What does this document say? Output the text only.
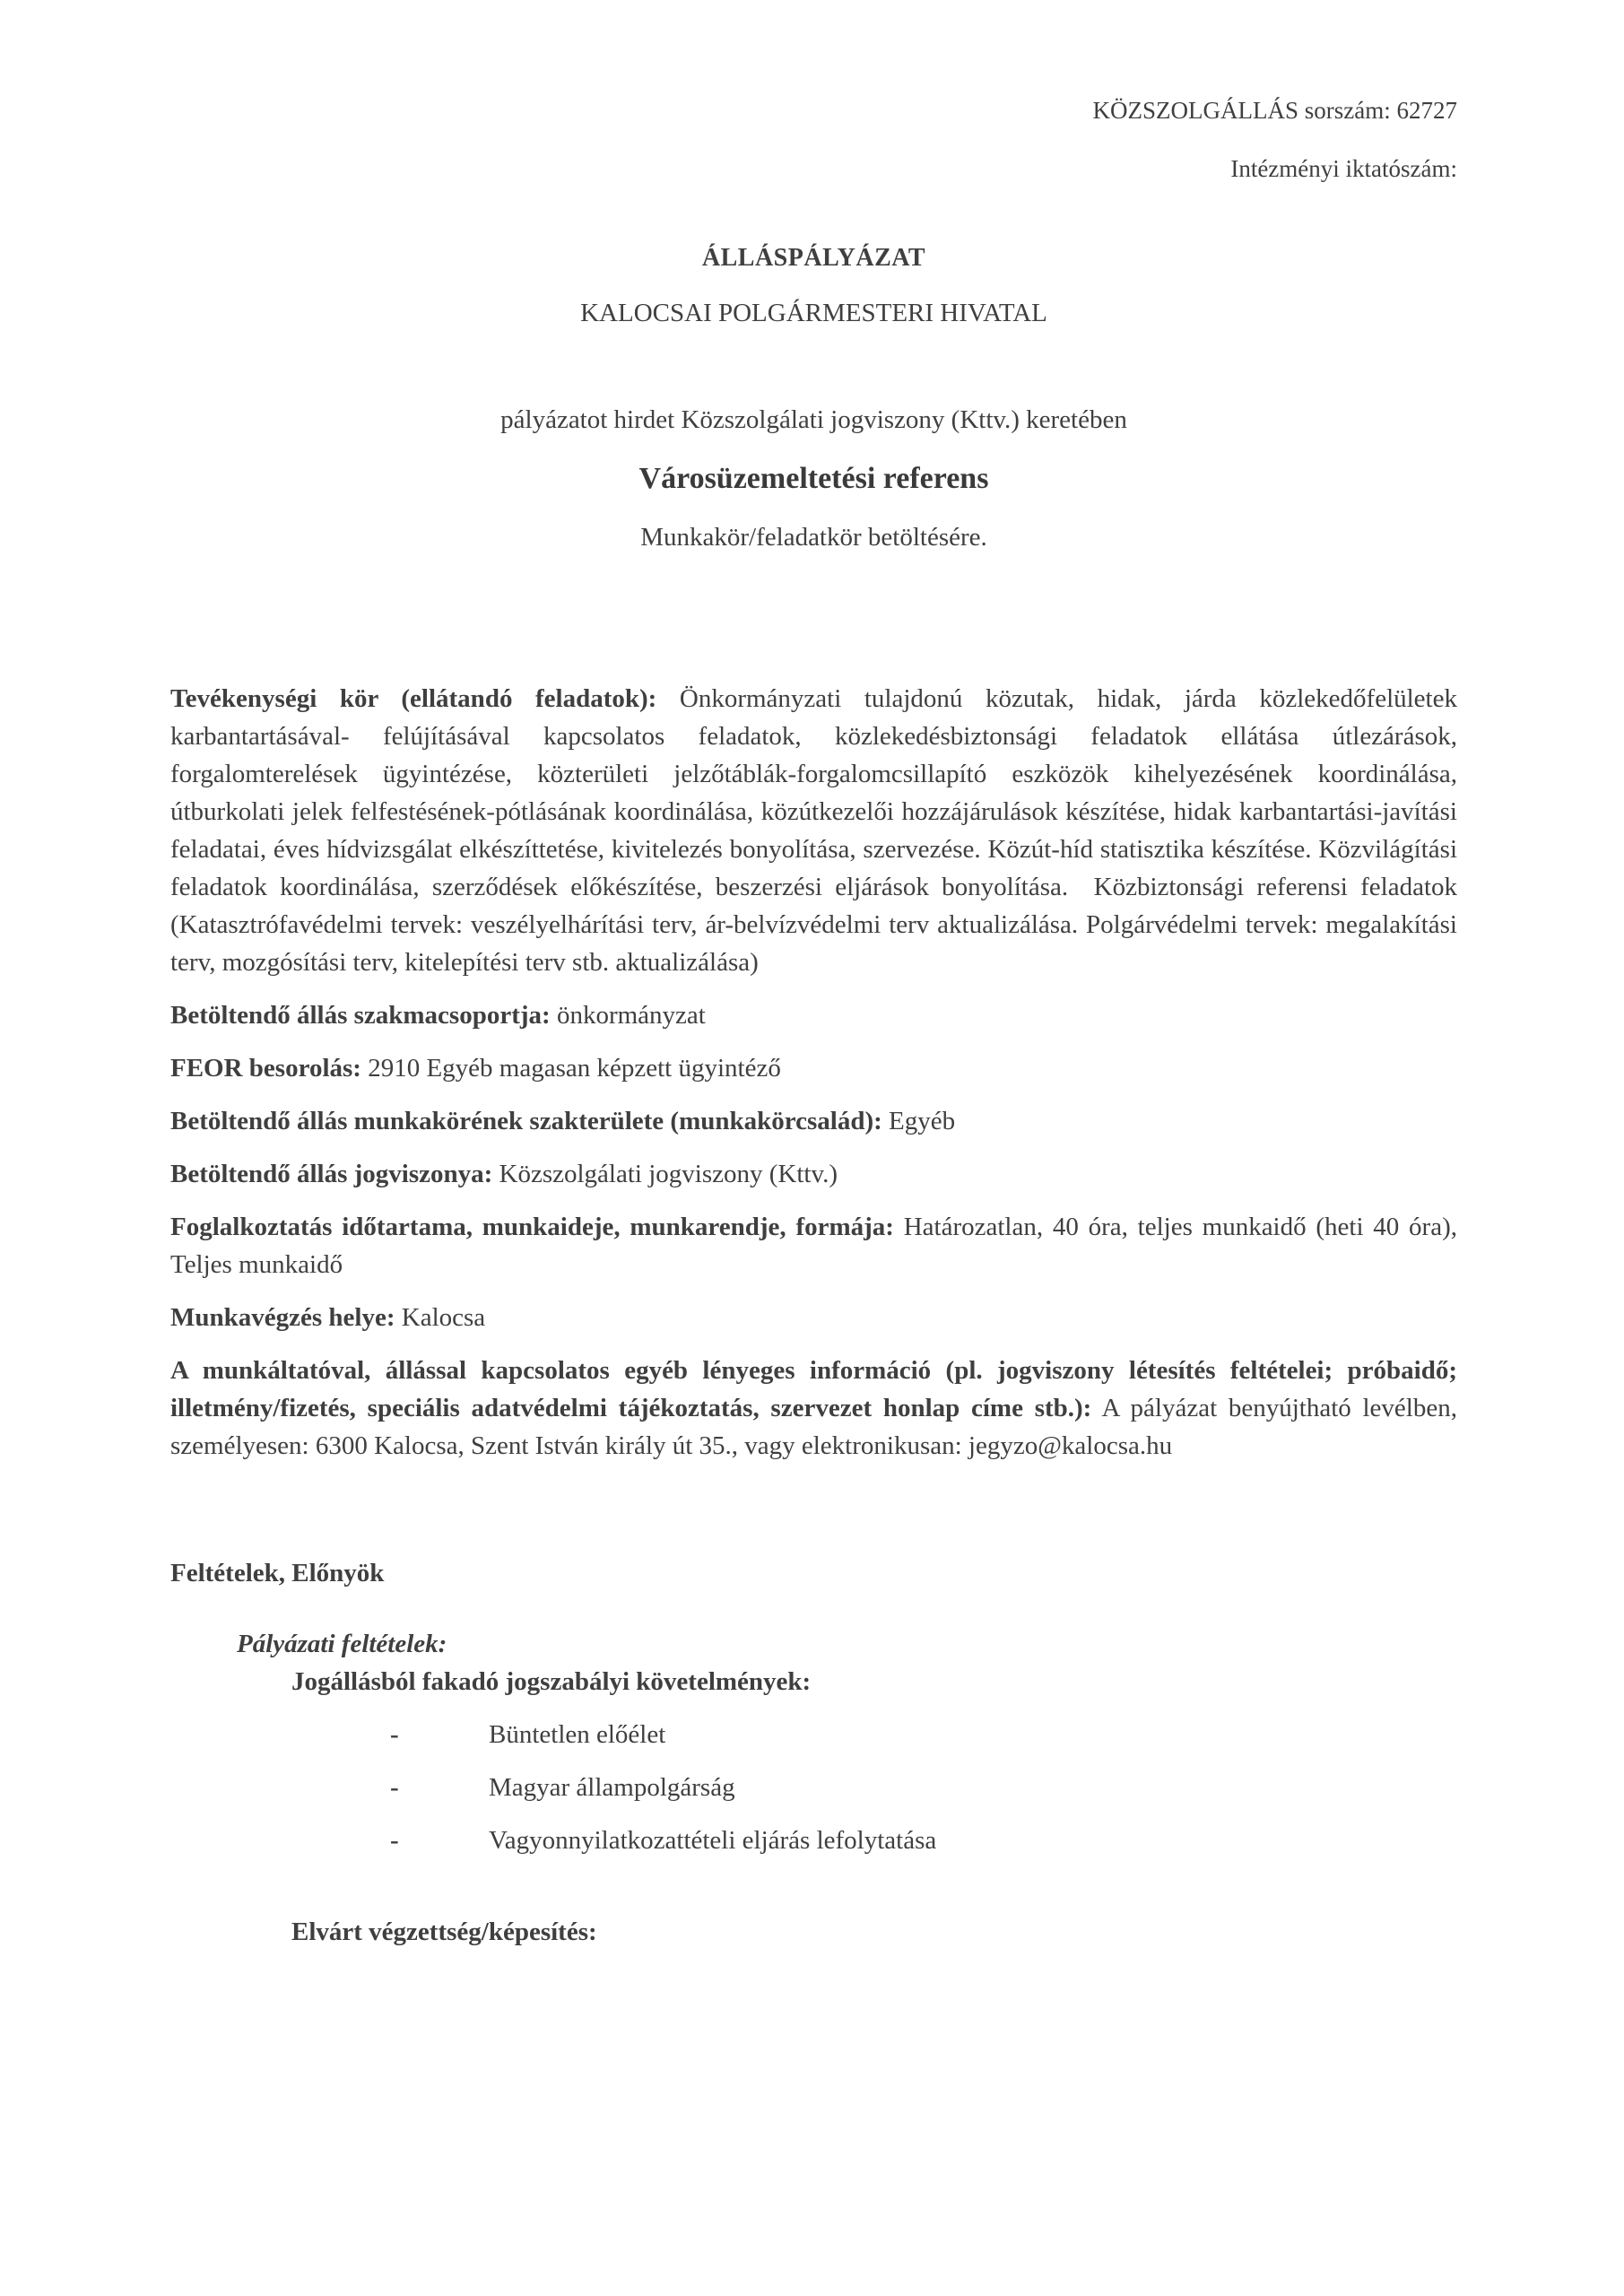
KÖZSZOLGÁLLÁS sorszám: 62727

Intézményi iktatószám:

ÁLLÁSPÁLYÁZAT

KALOCSAI POLGÁRMESTERI HIVATAL

pályázatot hirdet Közszolgálati jogviszony (Kttv.) keretében

Városüzemeltetési referens

Munkakör/feladatkör betöltésére.

Tevékenységi kör (ellátandó feladatok): Önkormányzati tulajdonú közutak, hidak, járda közlekedőfelületek karbantartásával- felújításával kapcsolatos feladatok, közlekedésbiztonsági feladatok ellátása útlezárások, forgalomterelések ügyintézése, közterületi jelzőtáblák-forgalomcsillapító eszközök kihelyezésének koordinálása, útburkolati jelek felfestésének-pótlásának koordinálása, közútkezelői hozzájárulások készítése, hidak karbantartási-javítási feladatai, éves hídvizsgálat elkészíttetése, kivitelezés bonyolítása, szervezése. Közút-híd statisztika készítése. Közvilágítási feladatok koordinálása, szerződések előkészítése, beszerzési eljárások bonyolítása.  Közbiztonsági referensi feladatok (Katasztrófavédelmi tervek: veszélyelhárítási terv, ár-belvízvédelmi terv aktualizálása. Polgárvédelmi tervek: megalakítási terv, mozgósítási terv, kitelepítési terv stb. aktualizálása)

Betöltendő állás szakmacsoportja: önkormányzat

FEOR besorolás: 2910 Egyéb magasan képzett ügyintéző

Betöltendő állás munkakörének szakterülete (munkakörcsalád): Egyéb

Betöltendő állás jogviszonya: Közszolgálati jogviszony (Kttv.)

Foglalkoztatás időtartama, munkaideje, munkarendje, formája: Határozatlan, 40 óra, teljes munkaidő (heti 40 óra), Teljes munkaidő

Munkavégzés helye: Kalocsa

A munkáltatóval, állással kapcsolatos egyéb lényeges információ (pl. jogviszony létesítés feltételei; próbaidő; illetmény/fizetés, speciális adatvédelmi tájékoztatás, szervezet honlap címe stb.): A pályázat benyújtható levélben, személyesen: 6300 Kalocsa, Szent István király út 35., vagy elektronikusan: jegyzo@kalocsa.hu

Feltételek, Előnyök

Pályázati feltételek:

Jogállásból fakadó jogszabályi követelmények:

-	Büntetlen előélet
-	Magyar állampolgárság
-	Vagyonnyilatkozattételi eljárás lefolytatása

Elvárt végzettség/képesítés:
